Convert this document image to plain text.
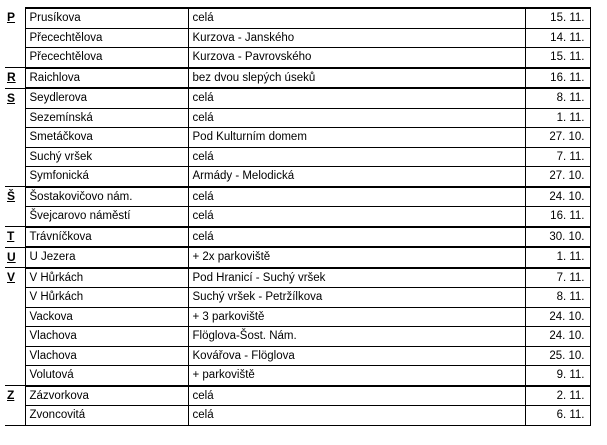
P	Prusíkova	celá	15. 11.
	Přecechtělova	Kurzova - Janského	14. 11.
	Přecechtělova	Kurzova - Pavrovského	15. 11.
R	Raichlova	bez dvou slepých úseků	16. 11.
S	Seydlerova	celá	8. 11.
	Sezemínská	celá	1. 11.
	Smetáčkova	Pod Kulturním domem	27. 10.
	Suchý vršek	celá	7. 11.
	Symfonická	Armády - Melodická	27. 10.
Š	Šostakovičovo nám.	celá	24. 10.
	Švejcarovo náměstí	celá	16. 11.
T	Trávníčkova	celá	30. 10.
U	U Jezera	+ 2x parkoviště	1. 11.
V	V Hůrkách	Pod Hranicí - Suchý vršek	7. 11.
	V Hůrkách	Suchý vršek - Petržílkova	8. 11.
	Vackova	+ 3 parkoviště	24. 10.
	Vlachova	Flöglova-Šost. Nám.	24. 10.
	Vlachova	Kovářova - Flöglova	25. 10.
	Volutová	+ parkoviště	9. 11.
Z	Zázvorkova	celá	2. 11.
	Zvoncovitá	celá	6. 11.
